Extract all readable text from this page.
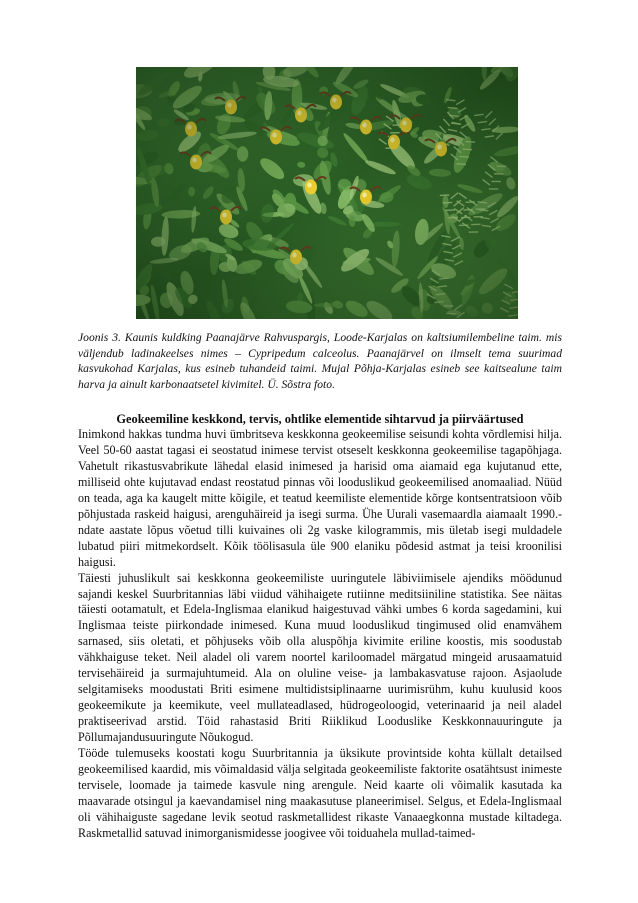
Joonis 3. Kaunis kuldking Paanajärve Rahvuspargis, Loode-Karjalas on kaltsiumilembeline taim. mis väljendub ladinakeelses nimes – Cypripedum calceolus. Paanajärvel on ilmselt tema suurimad kasvukohad Karjalas, kus esineb tuhandeid taimi. Mujal Põhja-Karjalas esineb see kaitsealune taim harva ja ainult karbonaatsetel kivimitel. Ü. Sõstra foto.

Geokeemiline keskkond, tervis, ohtlike elementide sihtarvud ja piirväärtused

Inimkond hakkas tundma huvi ümbritseva keskkonna geokeemilise seisundi kohta võrdlemisi hilja. Veel 50-60 aastat tagasi ei seostatud inimese tervist otseselt keskkonna geokeemilise tagapõhjaga. Vahetult rikastusvabrikute lähedal elasid inimesed ja harisid oma aiamaid ega kujutanud ette, milliseid ohte kujutavad endast reostatud pinnas või looduslikud geokeemilised anomaaliad. Nüüd on teada, aga ka kaugelt mitte kõigile, et teatud keemiliste elementide kõrge kontsentratsioon võib põhjustada raskeid haigusi, arenguhäireid ja isegi surma. Ühe Uurali vasemaardla aiamaalt 1990.-ndate aastate lõpus võetud tilli kuivaines oli 2g vaske kilogrammis, mis ületab isegi muldadele lubatud piiri mitmekordselt. Kõik töölisasula üle 900 elaniku põdesid astmat ja teisi kroonilisi haigusi.

Täiesti juhuslikult sai keskkonna geokeemiliste uuringutele läbiviimisele ajendiks möödunud sajandi keskel Suurbritannias läbi viidud vähihaigete rutiinne meditsiiniline statistika. See näitas täiesti ootamatult, et Edela-Inglismaa elanikud haigestuvad vähki umbes 6 korda sagedamini, kui Inglismaa teiste piirkondade inimesed. Kuna muud looduslikud tingimused olid enamvähem sarnased, siis oletati, et põhjuseks võib olla aluspõhja kivimite eriline koostis, mis soodustab vähkhaiguse teket. Neil aladel oli varem noortel kariloomadel märgatud mingeid arusaamatuid tervisehäireid ja surmajuhtumeid. Ala on oluline veise- ja lambakasvatuse rajoon. Asjaolude selgitamiseks moodustati Briti esimene multidistsiplinaarne uurimisrühm, kuhu kuulusid koos geokeemikute ja keemikute, veel mullateadlased, hüdrogeoloogid, veterinaarid ja neil aladel praktiseerivad arstid. Töid rahastasid Briti Riiklikud Looduslike Keskkonnauuringute ja Põllumajandusuuringute Nõukogud.

Tööde tulemuseks koostati kogu Suurbritannia ja üksikute provintside kohta küllalt detailsed geokeemilised kaardid, mis võimaldasid välja selgitada geokeemiliste faktorite osatähtsust inimeste tervisele, loomade ja taimede kasvule ning arengule. Neid kaarte oli võimalik kasutada ka maavarade otsingul ja kaevandamisel ning maakasutuse planeerimisel. Selgus, et Edela-Inglismaal oli vähihaiguste sagedane levik seotud raskmetallidest rikaste Vanaaegkonna mustade kiltadega. Raskmetallid satuvad inimorganismidesse joogivee või toiduahela mullad-taimed-
